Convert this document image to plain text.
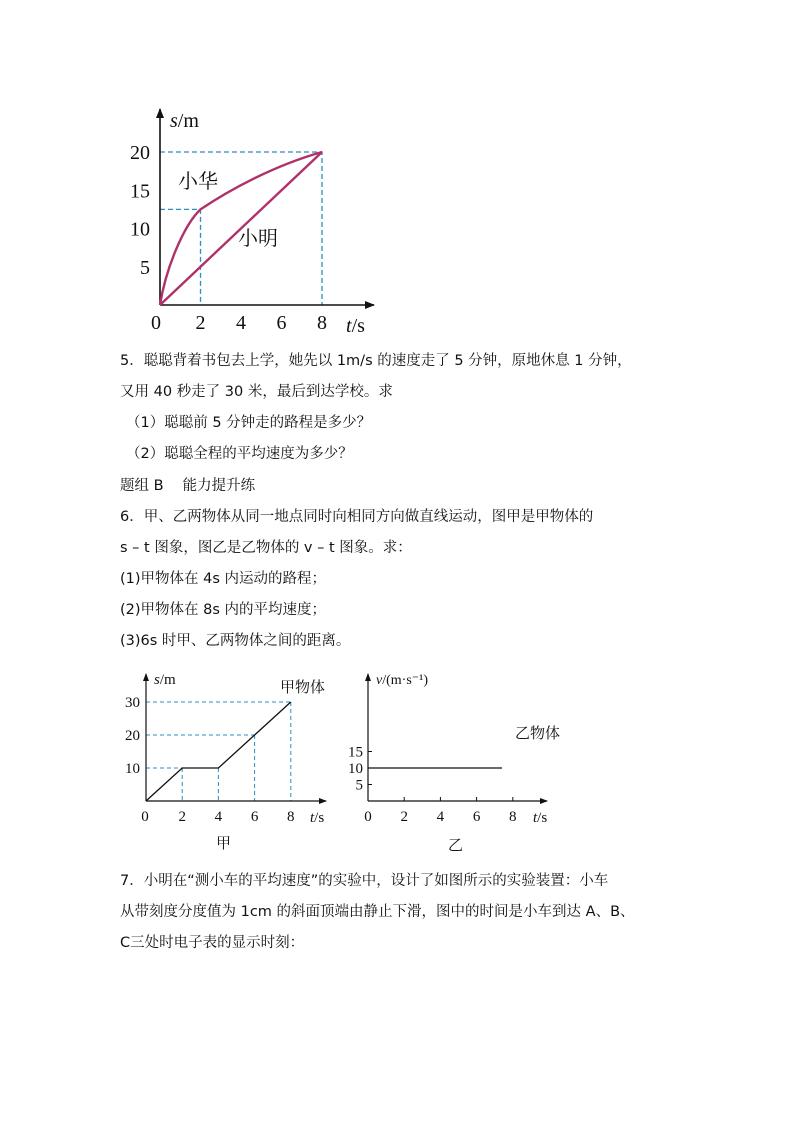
2 4 6 8
5
10
15
20
s/m
t/s
0
小华
小明
5．聪聪背着书包去上学，她先以 1m/s 的速度走了 5 分钟，原地休息 1 分钟，
又用 40 秒走了 30 米，最后到达学校。求
（1）聪聪前 5 分钟走的路程是多少？
（2）聪聪全程的平均速度为多少？
题组 B　 能力提升练
6．甲、乙两物体从同一地点同时向相同方向做直线运动，图甲是甲物体的
s – t 图象，图乙是乙物体的 v – t 图象。求：
(1)甲物体在 4s 内运动的路程；
(2)甲物体在 8s 内的平均速度；
(3)6s 时甲、乙两物体之间的距离。
2 4 6 8
10
20
30
s/m
t/s
0
甲物体
甲
2 4 6 8
5
10
15
v/(m·s⁻¹)
t/s
0
乙物体
乙
7．小明在“测小车的平均速度”的实验中，设计了如图所示的实验装置：小车
从带刻度分度值为 1cm 的斜面顶端由静止下滑，图中的时间是小车到达 A、B、
C三处时电子表的显示时刻：
